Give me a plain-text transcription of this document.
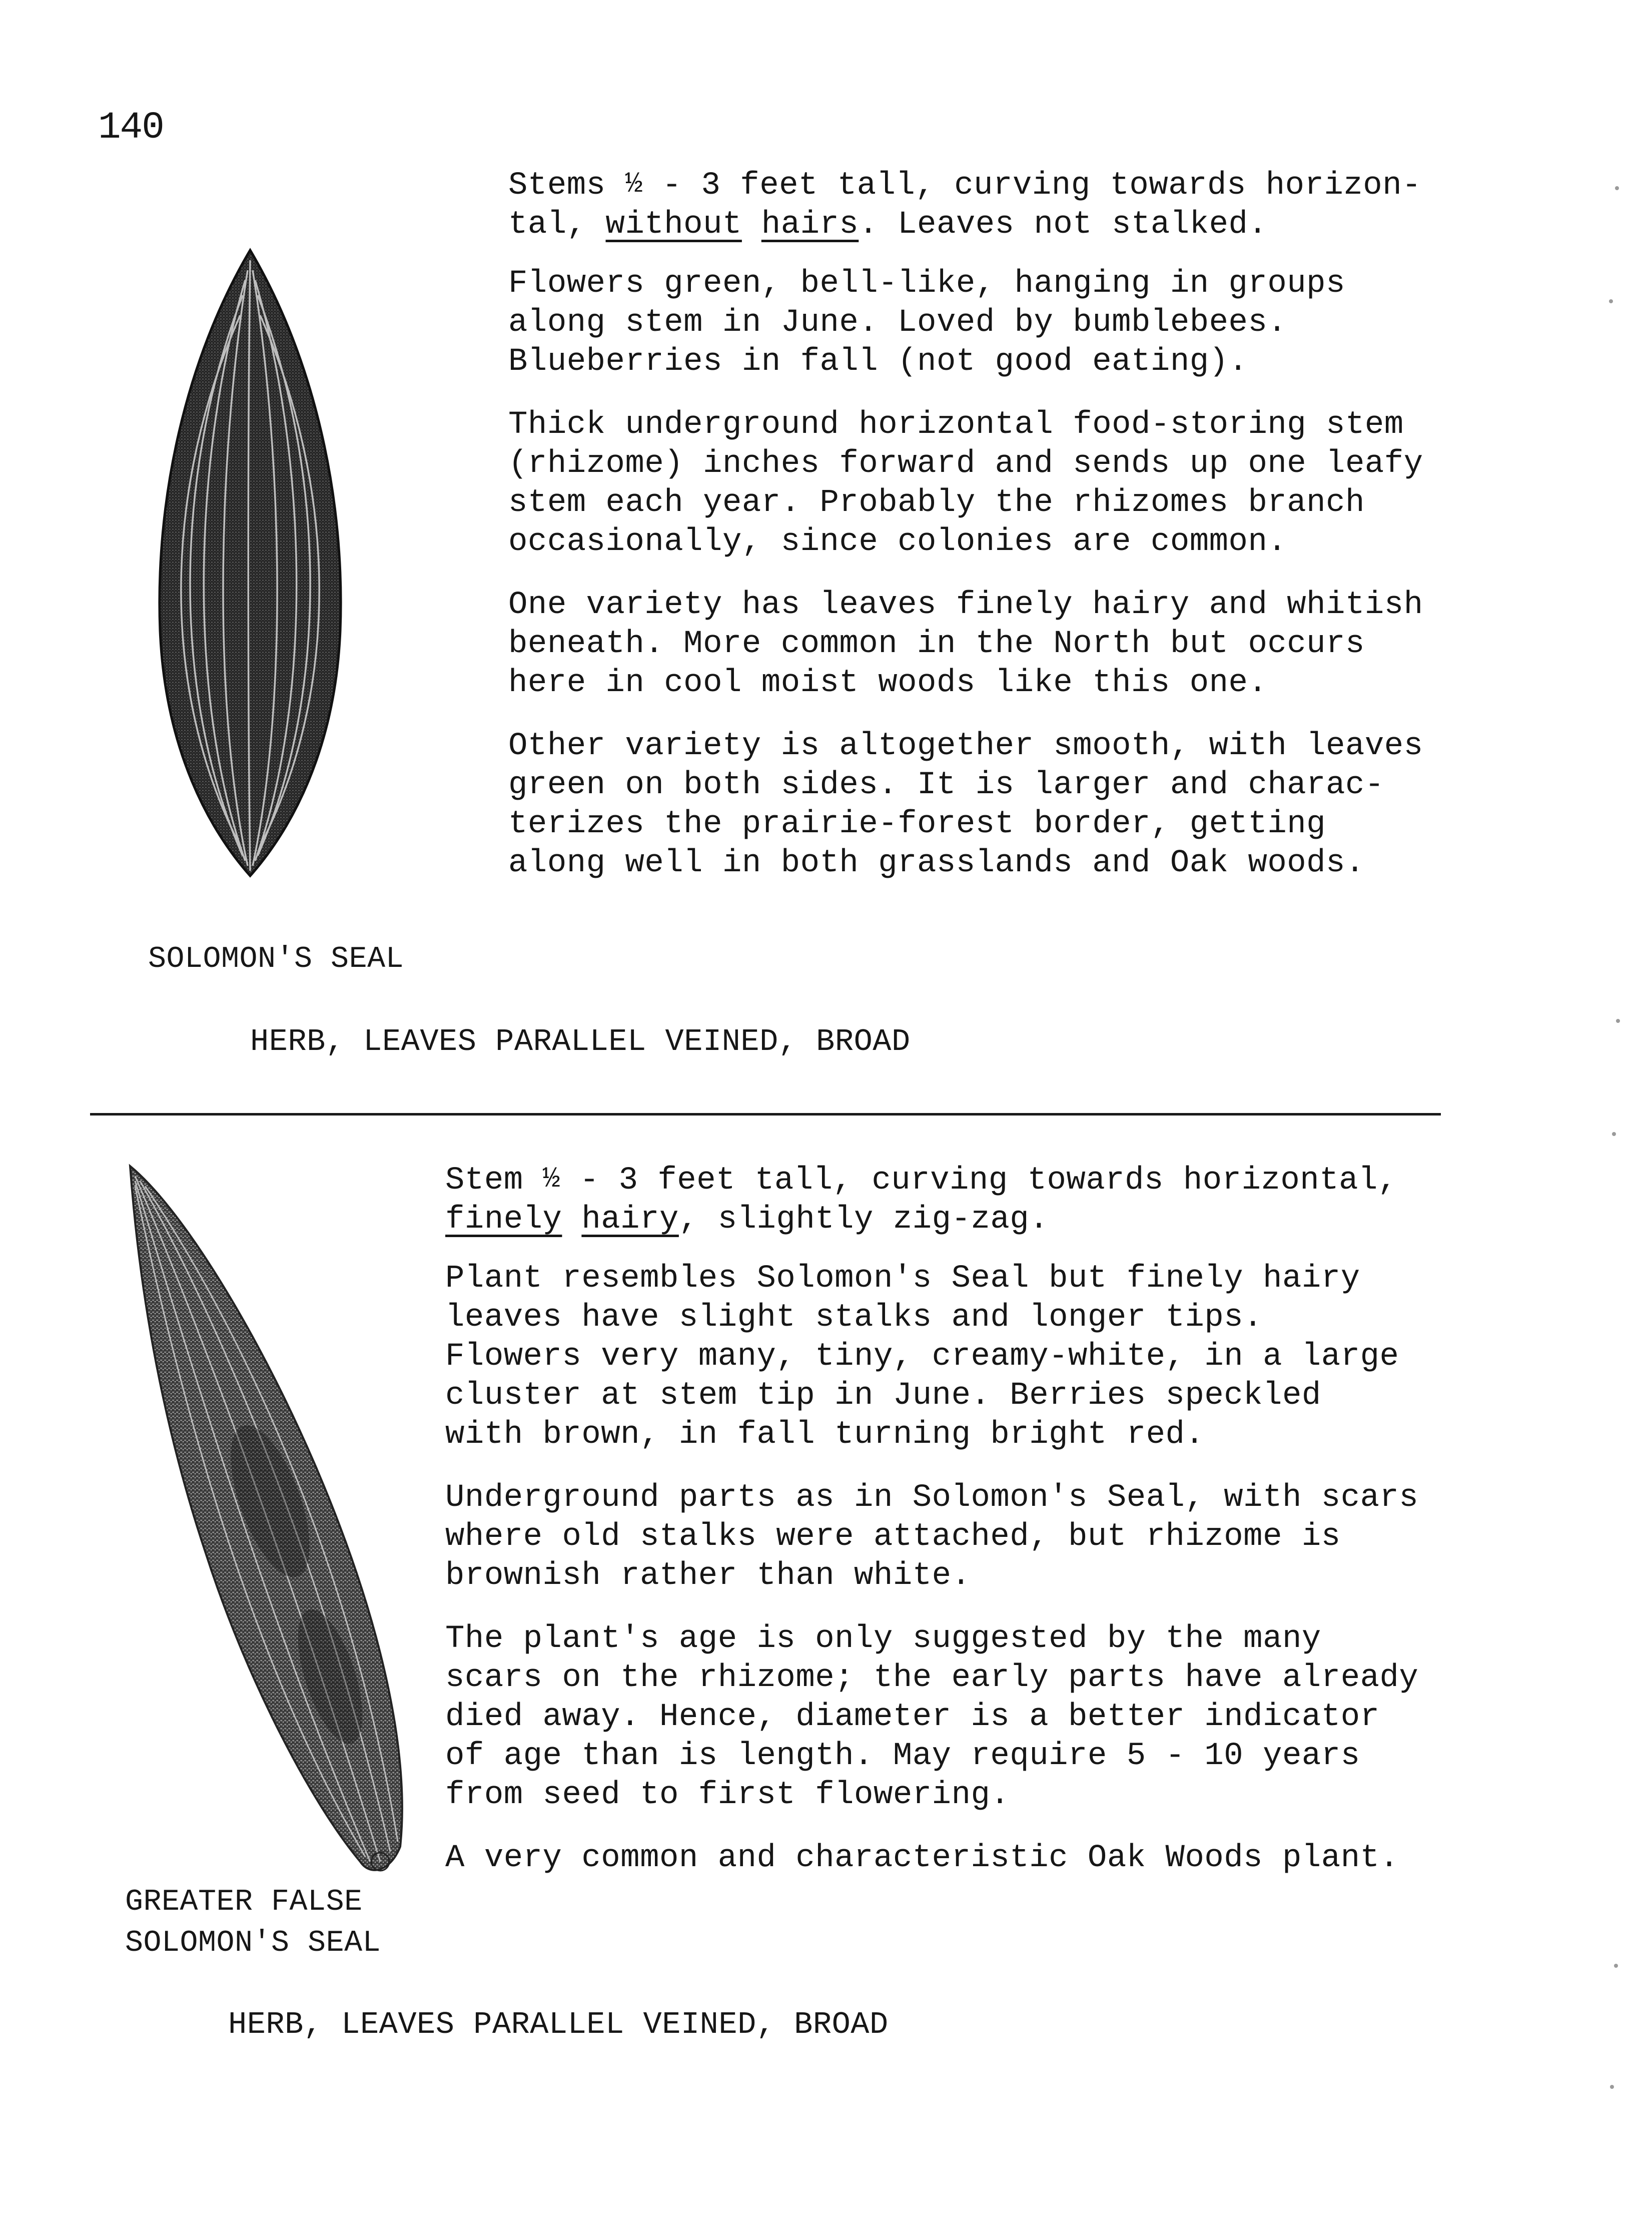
140

Stems ½ - 3 feet tall, curving towards horizon-
tal, without hairs. Leaves not stalked.

Flowers green, bell-like, hanging in groups
along stem in June. Loved by bumblebees.
Blueberries in fall (not good eating).

Thick underground horizontal food-storing stem
(rhizome) inches forward and sends up one leafy
stem each year. Probably the rhizomes branch
occasionally, since colonies are common.

One variety has leaves finely hairy and whitish
beneath. More common in the North but occurs
here in cool moist woods like this one.

Other variety is altogether smooth, with leaves
green on both sides. It is larger and charac-
terizes the prairie-forest border, getting
along well in both grasslands and Oak woods.

SOLOMON'S SEAL
HERB, LEAVES PARALLEL VEINED, BROAD

Stem ½ - 3 feet tall, curving towards horizontal,
finely hairy, slightly zig-zag.

Plant resembles Solomon's Seal but finely hairy
leaves have slight stalks and longer tips.
Flowers very many, tiny, creamy-white, in a large
cluster at stem tip in June. Berries speckled
with brown, in fall turning bright red.

Underground parts as in Solomon's Seal, with scars
where old stalks were attached, but rhizome is
brownish rather than white.

The plant's age is only suggested by the many
scars on the rhizome; the early parts have already
died away. Hence, diameter is a better indicator
of age than is length. May require 5 - 10 years
from seed to first flowering.

A very common and characteristic Oak Woods plant.

GREATER FALSE
SOLOMON'S SEAL
HERB, LEAVES PARALLEL VEINED, BROAD
